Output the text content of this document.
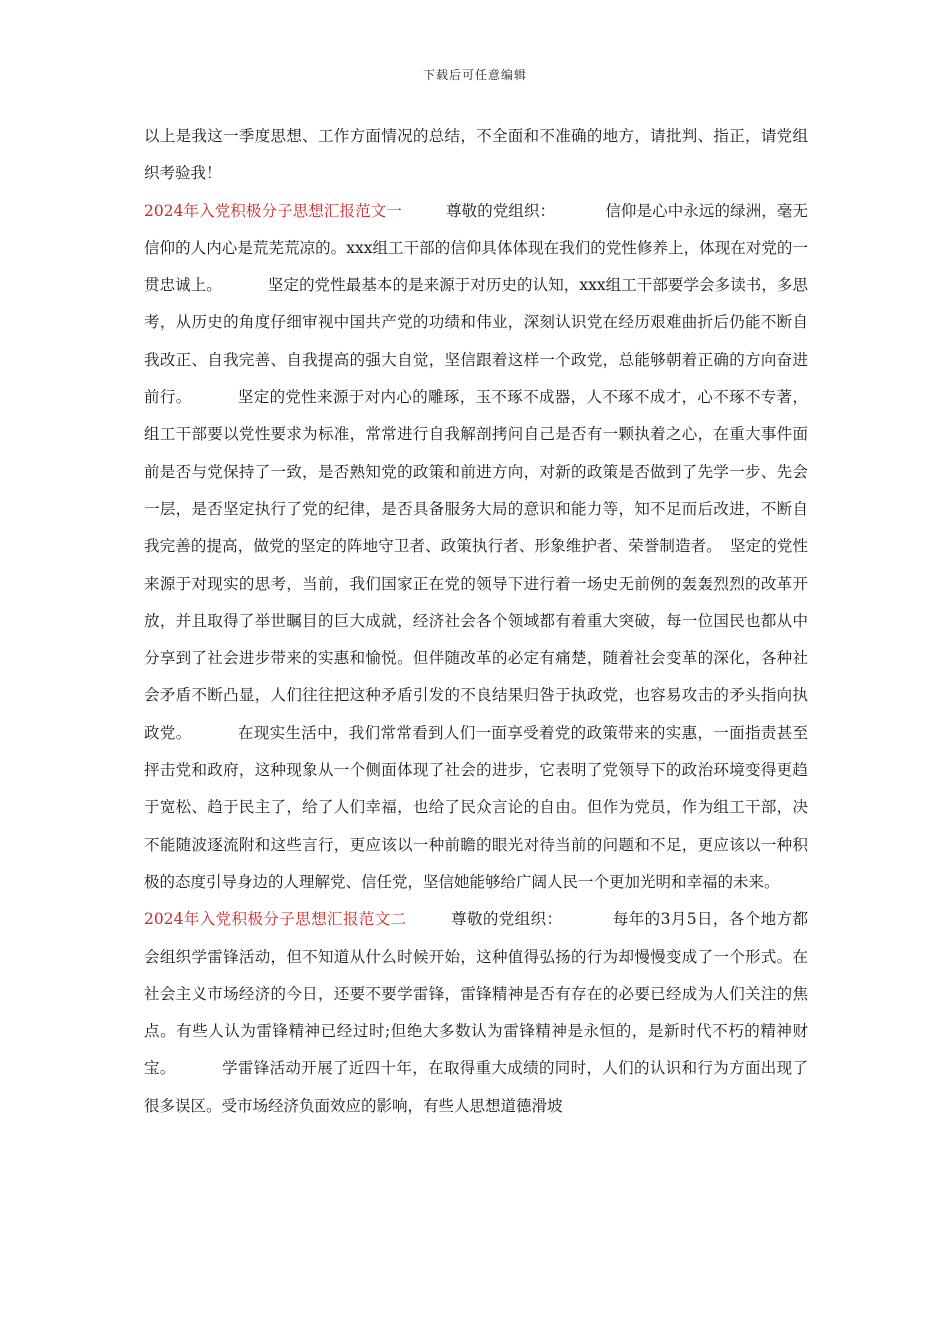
下载后可任意编辑

以上是我这一季度思想、工作方面情况的总结，不全面和不准确的地方，请批判、指正，请党组织考验我！

2024年入党积极分子思想汇报范文一	尊敬的党组织：	信仰是心中永远的绿洲，毫无信仰的人内心是荒芜荒凉的。xxx组工干部的信仰具体体现在我们的党性修养上，体现在对党的一贯忠诚上。	坚定的党性最基本的是来源于对历史的认知，xxx组工干部要学会多读书，多思考，从历史的角度仔细审视中国共产党的功绩和伟业，深刻认识党在经历艰难曲折后仍能不断自我改正、自我完善、自我提高的强大自觉，坚信跟着这样一个政党，总能够朝着正确的方向奋进前行。	坚定的党性来源于对内心的雕琢，玉不琢不成器，人不琢不成才，心不琢不专著，组工干部要以党性要求为标准，常常进行自我解剖拷问自己是否有一颗执着之心，在重大事件面前是否与党保持了一致，是否熟知党的政策和前进方向，对新的政策是否做到了先学一步、先会一层，是否坚定执行了党的纪律，是否具备服务大局的意识和能力等，知不足而后改进，不断自我完善的提高，做党的坚定的阵地守卫者、政策执行者、形象维护者、荣誉制造者。 坚定的党性来源于对现实的思考，当前，我们国家正在党的领导下进行着一场史无前例的轰轰烈烈的改革开放，并且取得了举世瞩目的巨大成就，经济社会各个领域都有着重大突破，每一位国民也都从中分享到了社会进步带来的实惠和愉悦。但伴随改革的必定有痛楚，随着社会变革的深化，各种社会矛盾不断凸显，人们往往把这种矛盾引发的不良结果归咎于执政党，也容易攻击的矛头指向执政党。	在现实生活中，我们常常看到人们一面享受着党的政策带来的实惠，一面指责甚至抨击党和政府，这种现象从一个侧面体现了社会的进步，它表明了党领导下的政治环境变得更趋于宽松、趋于民主了，给了人们幸福，也给了民众言论的自由。但作为党员，作为组工干部，决不能随波逐流附和这些言行，更应该以一种前瞻的眼光对待当前的问题和不足，更应该以一种积极的态度引导身边的人理解党、信任党，坚信她能够给广阔人民一个更加光明和幸福的未来。

2024年入党积极分子思想汇报范文二	尊敬的党组织：	每年的3月5日，各个地方都会组织学雷锋活动，但不知道从什么时候开始，这种值得弘扬的行为却慢慢变成了一个形式。在社会主义市场经济的今日，还要不要学雷锋，雷锋精神是否有存在的必要已经成为人们关注的焦点。有些人认为雷锋精神已经过时;但绝大多数认为雷锋精神是永恒的，是新时代不朽的精神财宝。	学雷锋活动开展了近四十年，在取得重大成绩的同时，人们的认识和行为方面出现了很多误区。受市场经济负面效应的影响，有些人思想道德滑坡
